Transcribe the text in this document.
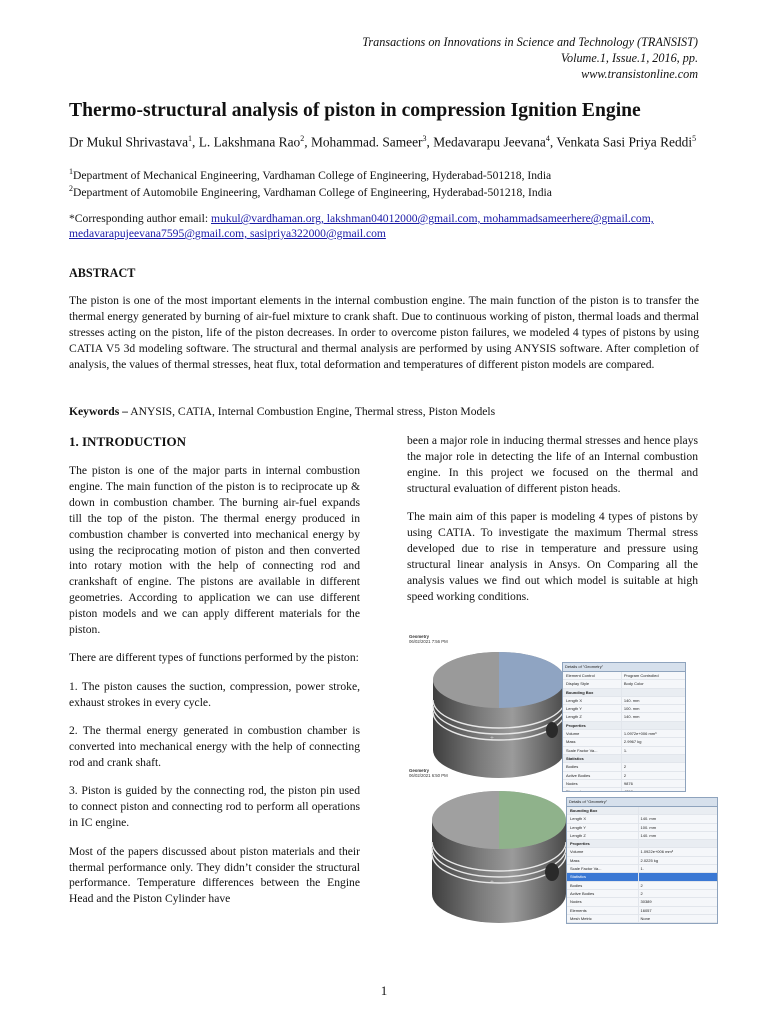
Transactions on Innovations in Science and Technology (TRANSIST)
Volume.1, Issue.1, 2016, pp.
www.transistonline.com
Thermo-structural analysis of piston in compression Ignition Engine
Dr Mukul Shrivastava$^1$, L. Lakshmana Rao$^2$, Mohammad. Sameer$^3$, Medavarapu Jeevana$^4$, Venkata Sasi Priya Reddi$^5$
$^1$Department of Mechanical Engineering, Vardhaman College of Engineering, Hyderabad-501218, India
$^2$Department of Automobile Engineering, Vardhaman College of Engineering, Hyderabad-501218, India
*Corresponding author email: mukul@vardhaman.org, lakshman04012000@gmail.com, mohammadsameerhere@gmail.com,
medavarapujeevana7595@gmail.com, sasipriya322000@gmail.com
ABSTRACT
The piston is one of the most important elements in the internal combustion engine. The main function of the piston is to transfer the thermal energy generated by burning of air-fuel mixture to crank shaft. Due to continuous working of piston, thermal loads and thermal stresses acting on the piston, life of the piston decreases. In order to overcome piston failures, we modeled 4 types of pistons by using CATIA V5 3d modeling software. The structural and thermal analysis are performed by using ANYSIS software. After completion of analysis, the values of thermal stresses, heat flux, total deformation and temperatures of different piston models are compared.
Keywords – ANYSIS, CATIA, Internal Combustion Engine, Thermal stress, Piston Models
1. INTRODUCTION

The piston is one of the major parts in internal combustion engine. The main function of the piston is to reciprocate up & down in combustion chamber. The burning air-fuel expands till the top of the piston. The thermal energy produced in combustion chamber is converted into mechanical energy by using the reciprocating motion of piston and then converted into rotary motion with the help of connecting rod and crankshaft of engine. The pistons are available in different geometries. According to application we can use different piston models and we can apply different materials for the piston.

There are different types of functions performed by the piston:

1. The piston causes the suction, compression, power stroke, exhaust strokes in every cycle.

2. The thermal energy generated in combustion chamber is converted into mechanical energy with the help of connecting rod and crank shaft.

3. Piston is guided by the connecting rod, the piston pin used to connect piston and connecting rod to perform all operations in IC engine.

Most of the papers discussed about piston materials and their thermal performance only. They didn’t consider the structural performance. Temperature differences between the Engine Head and the Piston Cylinder have

been a major role in inducing thermal stresses and hence plays the major role in detecting the life of an Internal combustion engine. In this project we focused on the thermal and structural evaluation of different piston heads.

The main aim of this paper is modeling 4 types of pistons by using CATIA. To investigate the maximum Thermal stress developed due to rise in temperature and pressure using structural linear analysis in Ansys. On Comparing all the analysis values we find out which model is suitable at high speed working conditions.

Geometry
06/02/2021 7:56 PM
+
Details of "Geometry"
Element Control	Program Controlled
Display Style	Body Color
Bounding Box
Length X	140. mm
Length Y	100. mm
Length Z	140. mm
Properties
Volume	1.0972e+006 mm³
Mass	2.9967 kg
Scale Factor Va...	1.
Statistics
Bodies	2
Active Bodies	2
Nodes	9876
Elements	4798
Geometry
06/02/2021 6:50 PM
+
Details of "Geometry"
Bounding Box
Length X	140. mm
Length Y	100. mm
Length Z	140. mm
Properties
Volume	1.0922e+006 mm³
Mass	2.0225 kg
Scale Factor Va...	1.
Statistics
Bodies	2
Active Bodies	2
Nodes	30389
Elements	16057
Mesh Metric	None
1
